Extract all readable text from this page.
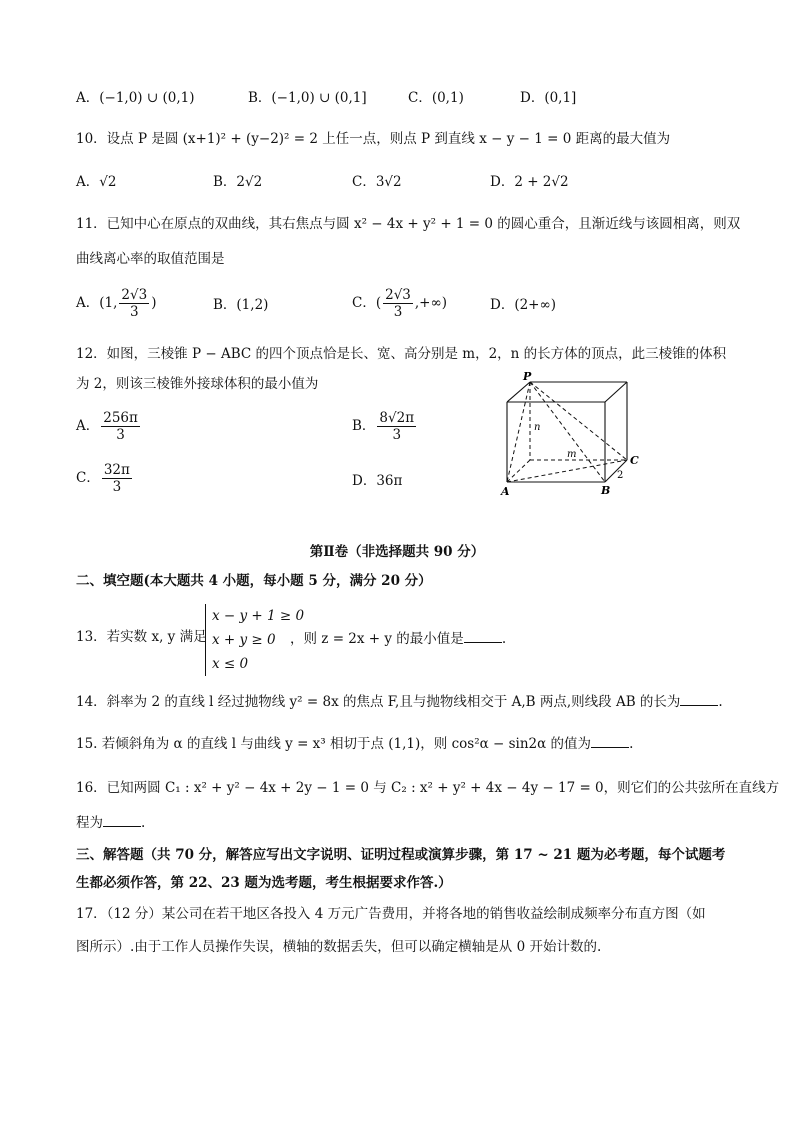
A．(−1,0) ∪ (0,1)	B．(−1,0) ∪ (0,1]	C．(0,1)	D．(0,1]
10．设点 P 是圆 (x+1)² + (y−2)² = 2 上任一点，则点 P 到直线 x − y − 1 = 0 距离的最大值为
A．√2	B．2√2	C．3√2	D．2 + 2√2
11．已知中心在原点的双曲线，其右焦点与圆 x² − 4x + y² + 1 = 0 的圆心重合，且渐近线与该圆相离，则双
曲线离心率的取值范围是
A．(1, $\frac{2√3}{3}$ )	B．(1,2)	C．( $\frac{2√3}{3}$ ,+∞)	D．(2+∞)
12．如图，三棱锥 P − ABC 的四个顶点恰是长、宽、高分别是 m，2，n 的长方体的顶点，此三棱锥的体积
为 2，则该三棱锥外接球体积的最小值为
A． $\frac{256\pi}{3}$	B． $\frac{8√2\pi}{3}$
C． $\frac{32\pi}{3}$	D．36π
P
n
m	C
2
A	B
第Ⅱ卷（非选择题共 90 分）
二、填空题(本大题共 4 小题，每小题 5 分，满分 20 分）
13．若实数 x, y 满足
x − y + 1 ≥ 0
x + y ≥ 0
x ≤ 0
，则 z = 2x + y 的最小值是	.
14．斜率为 2 的直线 l 经过抛物线 y² = 8x 的焦点 F,且与抛物线相交于 A,B 两点,则线段 AB 的长为	.
15. 若倾斜角为 α 的直线 l 与曲线 y = x³ 相切于点 (1,1)，则 cos²α − sin2α 的值为	.
16．已知两圆 C₁ : x² + y² − 4x + 2y − 1 = 0 与 C₂ : x² + y² + 4x − 4y − 17 = 0，则它们的公共弦所在直线方
程为	.
三、解答题（共 70 分，解答应写出文字说明、证明过程或演算步骤，第 17 ~ 21 题为必考题，每个试题考
生都必须作答，第 22、23 题为选考题，考生根据要求作答.）
17．（12 分）某公司在若干地区各投入 4 万元广告费用，并将各地的销售收益绘制成频率分布直方图（如
图所示）.由于工作人员操作失误，横轴的数据丢失，但可以确定横轴是从 0 开始计数的.
